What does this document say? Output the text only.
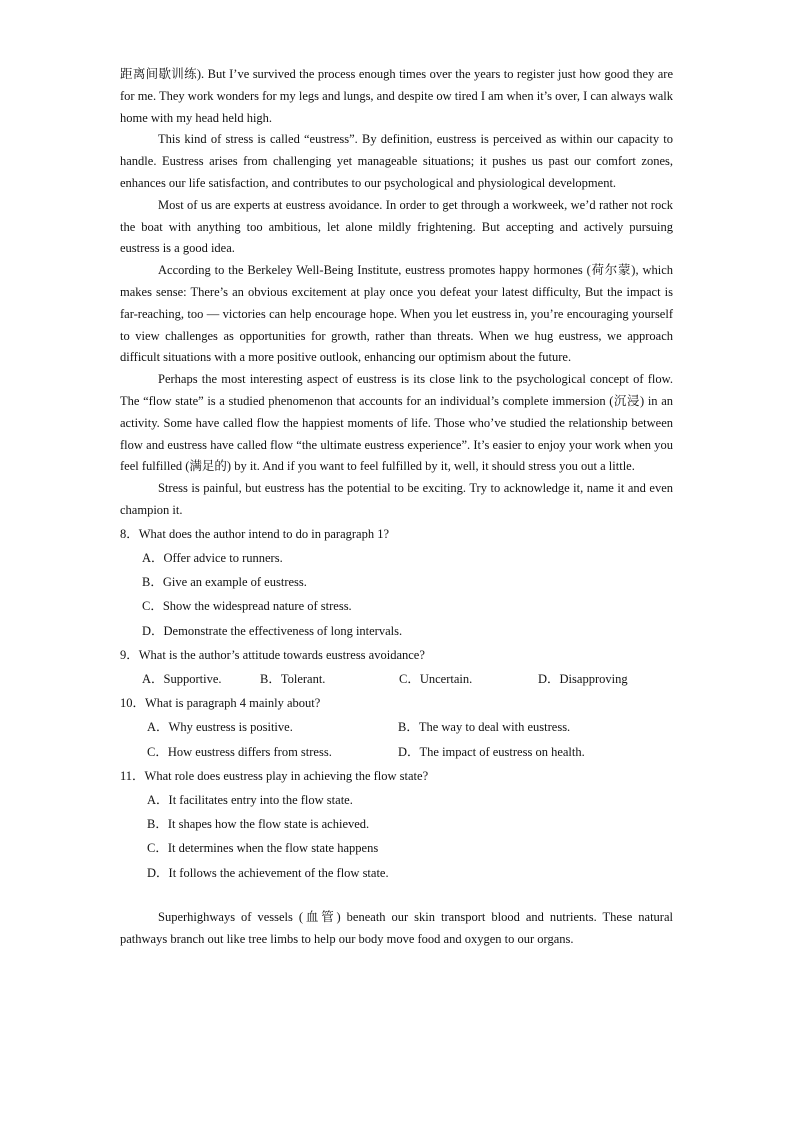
距离间歇训练). But I’ve survived the process enough times over the years to register just how good they are for me. They work wonders for my legs and lungs, and despite ow tired I am when it’s over, I can always walk home with my head held high.

This kind of stress is called “eustress”. By definition, eustress is perceived as within our capacity to handle. Eustress arises from challenging yet manageable situations; it pushes us past our comfort zones, enhances our life satisfaction, and contributes to our psychological and physiological development.

Most of us are experts at eustress avoidance. In order to get through a workweek, we’d rather not rock the boat with anything too ambitious, let alone mildly frightening. But accepting and actively pursuing eustress is a good idea.

According to the Berkeley Well-Being Institute, eustress promotes happy hormones (荷尔蒙), which makes sense: There’s an obvious excitement at play once you defeat your latest difficulty, But the impact is far-reaching, too — victories can help encourage hope. When you let eustress in, you’re encouraging yourself to view challenges as opportunities for growth, rather than threats. When we hug eustress, we approach difficult situations with a more positive outlook, enhancing our optimism about the future.

Perhaps the most interesting aspect of eustress is its close link to the psychological concept of flow. The “flow state” is a studied phenomenon that accounts for an individual’s complete immersion (沉浸) in an activity. Some have called flow the happiest moments of life. Those who’ve studied the relationship between flow and eustress have called flow “the ultimate eustress experience”. It’s easier to enjoy your work when you feel fulfilled (满足的) by it. And if you want to feel fulfilled by it, well, it should stress you out a little.

Stress is painful, but eustress has the potential to be exciting. Try to acknowledge it, name it and even champion it.

8．What does the author intend to do in paragraph 1?

A．Offer advice to runners.

B．Give an example of eustress.

C．Show the widespread nature of stress.

D．Demonstrate the effectiveness of long intervals.

9．What is the author’s attitude towards eustress avoidance?

A．Supportive.	B．Tolerant.	C．Uncertain.	D．Disapproving

10．What is paragraph 4 mainly about?

A．Why eustress is positive.	B．The way to deal with eustress.
C．How eustress differs from stress.	D．The impact of eustress on health.

11．What role does eustress play in achieving the flow state?

A．It facilitates entry into the flow state.

B．It shapes how the flow state is achieved.

C．It determines when the flow state happens

D．It follows the achievement of the flow state.

Superhighways of vessels (血管) beneath our skin transport blood and nutrients. These natural pathways branch out like tree limbs to help our body move food and oxygen to our organs.
